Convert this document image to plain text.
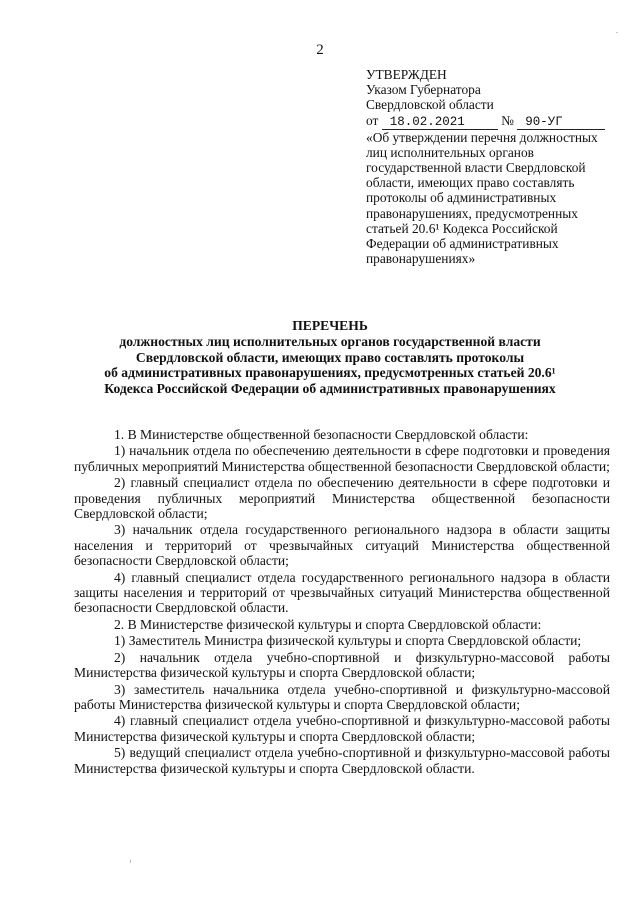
2
УТВЕРЖДЕН
Указом Губернатора
Свердловской области
от 18.02.2021	№ 90-УГ
«Об утверждении перечня должностных лиц исполнительных органов государственной власти Свердловской области, имеющих право составлять протоколы об административных правонарушениях, предусмотренных статьей 20.6¹ Кодекса Российской Федерации об административных правонарушениях»
ПЕРЕЧЕНЬ
должностных лиц исполнительных органов государственной власти
Свердловской области, имеющих право составлять протоколы
об административных правонарушениях, предусмотренных статьей 20.6¹
Кодекса Российской Федерации об административных правонарушениях

1. В Министерстве общественной безопасности Свердловской области:

1) начальник отдела по обеспечению деятельности в сфере подготовки и проведения публичных мероприятий Министерства общественной безопасности Свердловской области;

2) главный специалист отдела по обеспечению деятельности в сфере подготовки и проведения публичных мероприятий Министерства общественной безопасности Свердловской области;

3) начальник отдела государственного регионального надзора в области защиты населения и территорий от чрезвычайных ситуаций Министерства общественной безопасности Свердловской области;

4) главный специалист отдела государственного регионального надзора в области защиты населения и территорий от чрезвычайных ситуаций Министерства общественной безопасности Свердловской области.

2. В Министерстве физической культуры и спорта Свердловской области:

1) Заместитель Министра физической культуры и спорта Свердловской области;

2) начальник отдела учебно-спортивной и физкультурно-массовой работы Министерства физической культуры и спорта Свердловской области;

3) заместитель начальника отдела учебно-спортивной и физкультурно-массовой работы Министерства физической культуры и спорта Свердловской области;

4) главный специалист отдела учебно-спортивной и физкультурно-массовой работы Министерства физической культуры и спорта Свердловской области;

5) ведущий специалист отдела учебно-спортивной и физкультурно-массовой работы Министерства физической культуры и спорта Свердловской области.
